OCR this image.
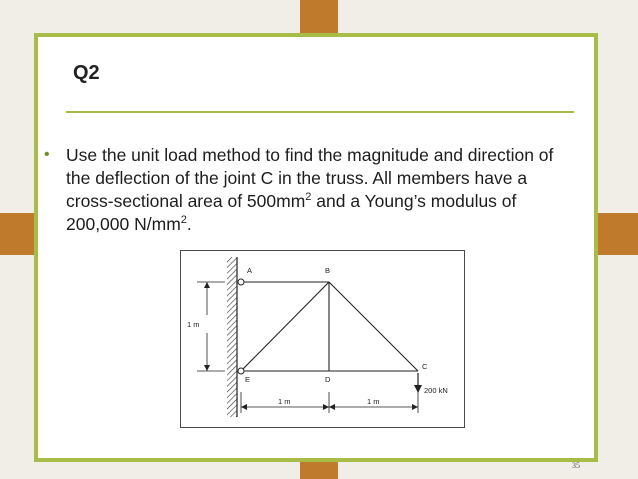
Q2
• Use the unit load method to find the magnitude and direction of the deflection of the joint C in the truss. All members have a cross-sectional area of $500mm^2$ and a Young’s modulus of 200,000 $N/mm^2$.
A	B
C
D
E
1 m
1 m	1 m
200 kN
35
